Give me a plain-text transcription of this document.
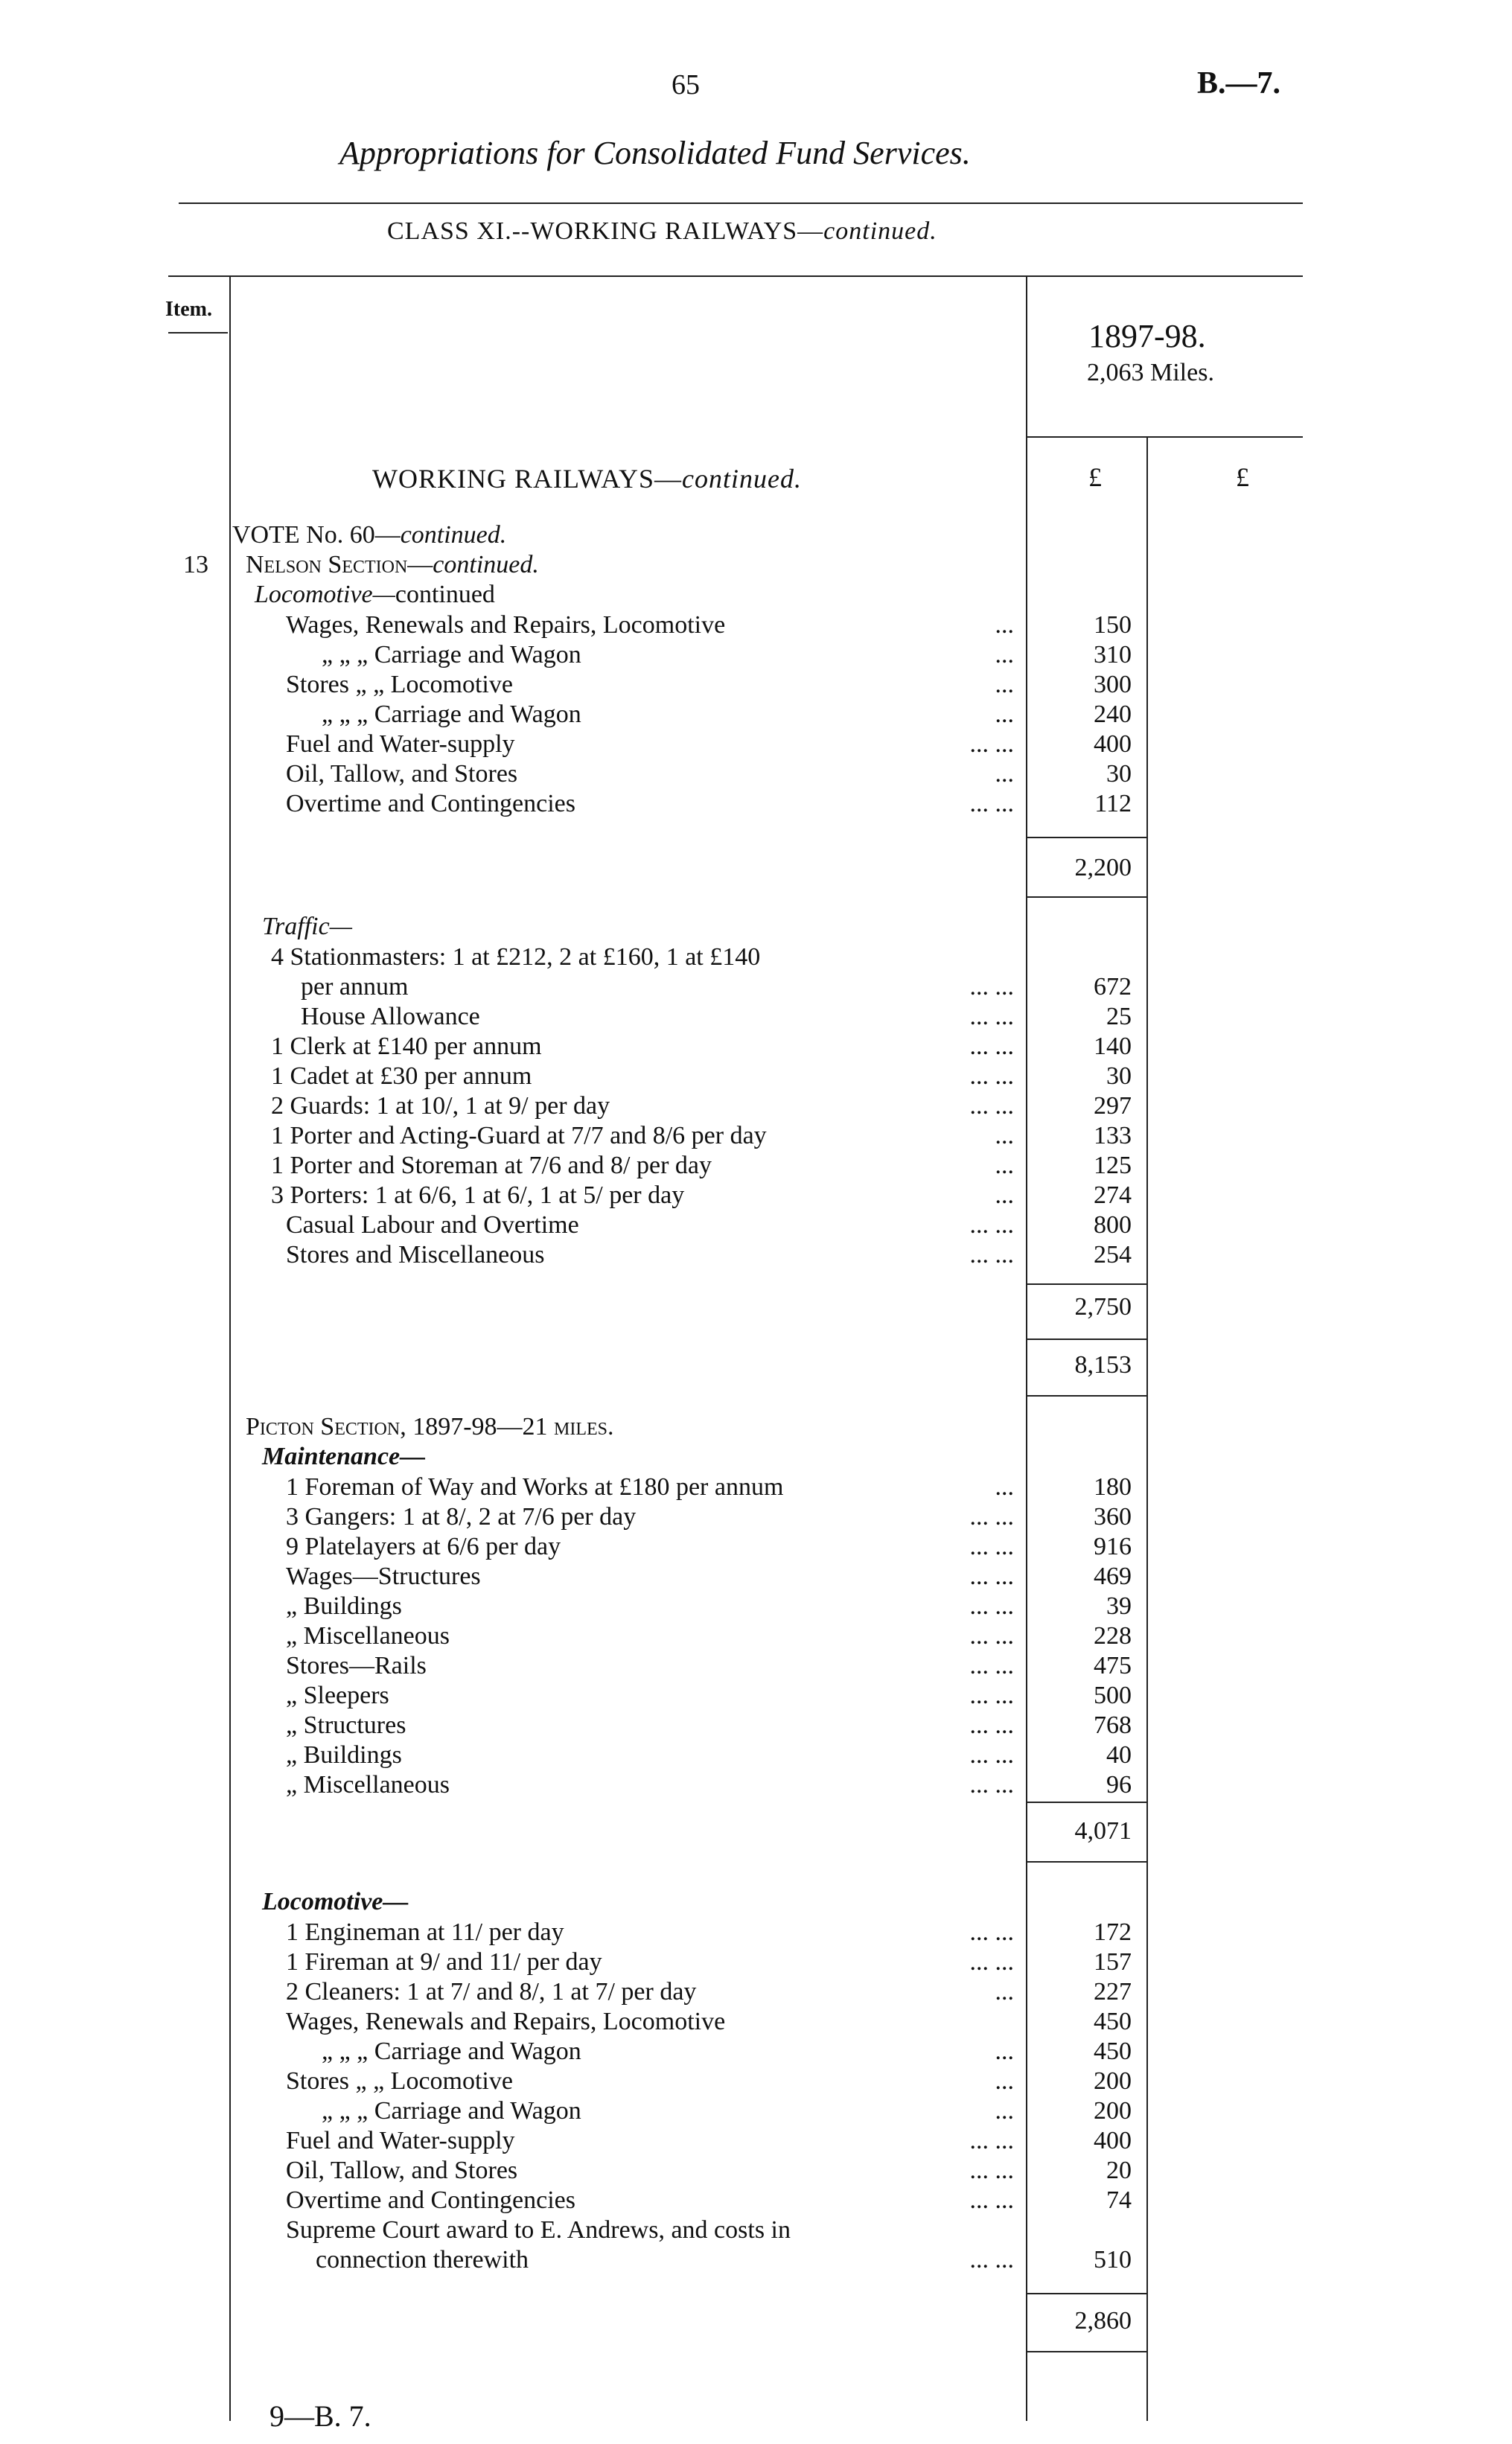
65	B.—7.
Appropriations for Consolidated Fund Services.
CLASS XI.--WORKING RAILWAYS—continued.
Item.
1897-98.
2,063 Miles.
£	£
WORKING RAILWAYS—continued.
VOTE No. 60—continued.
13 Nelson Section—continued.
Locomotive—continued
Wages, Renewals and Repairs, Locomotive	...	150
„ „ „ Carriage and Wagon	...	310
Stores „ „ Locomotive	...	300
„ „ „ Carriage and Wagon	...	240
Fuel and Water-supply	... ...	400
Oil, Tallow, and Stores	...	30
Overtime and Contingencies	... ...	112
2,200
Traffic—
4 Stationmasters: 1 at £212, 2 at £160, 1 at £140
per annum	... ...	672
House Allowance	... ...	25
1 Clerk at £140 per annum	... ...	140
1 Cadet at £30 per annum	... ...	30
2 Guards: 1 at 10/, 1 at 9/ per day	... ...	297
1 Porter and Acting-Guard at 7/7 and 8/6 per day	...	133
1 Porter and Storeman at 7/6 and 8/ per day	...	125
3 Porters: 1 at 6/6, 1 at 6/, 1 at 5/ per day	...	274
Casual Labour and Overtime	... ...	800
Stores and Miscellaneous	... ...	254
2,750
8,153
Picton Section, 1897-98—21 miles.
Maintenance—
1 Foreman of Way and Works at £180 per annum	...	180
3 Gangers: 1 at 8/, 2 at 7/6 per day	... ...	360
9 Platelayers at 6/6 per day	... ...	916
Wages—Structures	... ...	469
„ Buildings	... ...	39
„ Miscellaneous	... ...	228
Stores—Rails	... ...	475
„ Sleepers	... ...	500
„ Structures	... ...	768
„ Buildings	... ...	40
„ Miscellaneous	... ...	96
4,071
Locomotive—
1 Engineman at 11/ per day	... ...	172
1 Fireman at 9/ and 11/ per day	... ...	157
2 Cleaners: 1 at 7/ and 8/, 1 at 7/ per day	...	227
Wages, Renewals and Repairs, Locomotive	450
„ „ „ Carriage and Wagon	...	450
Stores „ „ Locomotive	...	200
„ „ „ Carriage and Wagon	...	200
Fuel and Water-supply	... ...	400
Oil, Tallow, and Stores	... ...	20
Overtime and Contingencies	... ...	74
Supreme Court award to E. Andrews, and costs in
connection therewith	... ...	510
2,860
9—B. 7.
